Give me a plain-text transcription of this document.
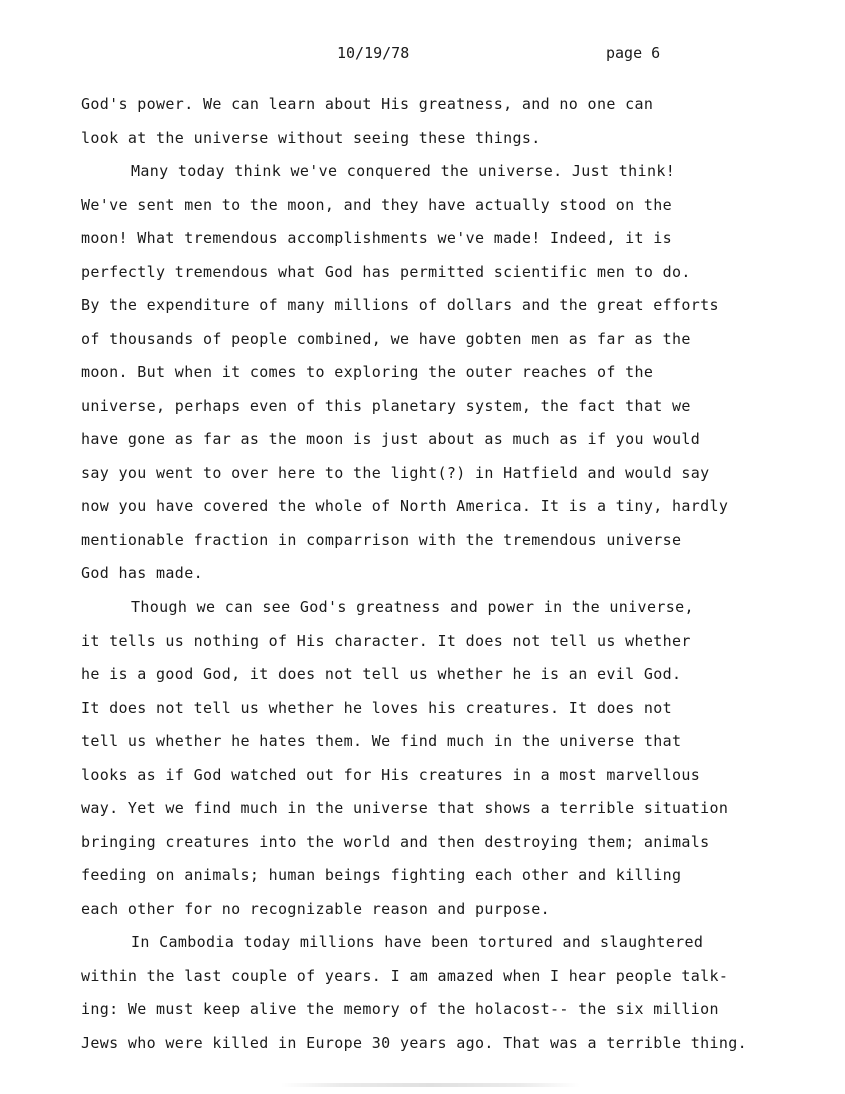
10/19/78	page 6
God's power. We can learn about His greatness, and no one can
look at the universe without seeing these things.
Many today think we've conquered the universe. Just think!
We've sent men to the moon, and they have actually stood on the
moon! What tremendous accomplishments we've made! Indeed, it is
perfectly tremendous what God has permitted scientific men to do.
By the expenditure of many millions of dollars and the great efforts
of thousands of people combined, we have gobten men as far as the
moon. But when it comes to exploring the outer reaches of the
universe, perhaps even of this planetary system, the fact that we
have gone as far as the moon is just about as much as if you would
say you went to over here to the light(?) in Hatfield and would say
now you have covered the whole of North America. It is a tiny, hardly
mentionable fraction in comparrison with the tremendous universe
God has made.
Though we can see God's greatness and power in the universe,
it tells us nothing of His character. It does not tell us whether
he is a good God, it does not tell us whether he is an evil God.
It does not tell us whether he loves his creatures. It does not
tell us whether he hates them. We find much in the universe that
looks as if God watched out for His creatures in a most marvellous
way. Yet we find much in the universe that shows a terrible situation
bringing creatures into the world and then destroying them; animals
feeding on animals; human beings fighting each other and killing
each other for no recognizable reason and purpose.
In Cambodia today millions have been tortured and slaughtered
within the last couple of years. I am amazed when I hear people talk-
ing: We must keep alive the memory of the holacost-- the six million
Jews who were killed in Europe 30 years ago. That was a terrible thing.
